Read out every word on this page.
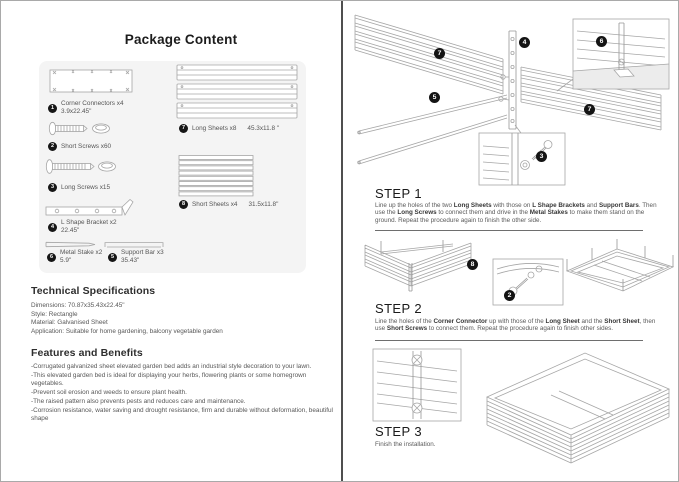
Package Content
1
Corner Connectors x4
3.9x22.45"
2	Short Screws x60
3	Long Screws x15
4
L Shape Bracket x2
22.45"
6
Metal Stake x2
5.9"
5
Support Bar x3
35.43"
7	Long Sheets x8 45.3x11.8 "
8	Short Sheets x4 31.5x11.8"
Technical Specifications

Dimensions: 70.87x35.43x22.45"

Style: Rectangle

Material: Galvanised Sheet

Application: Suitable for home gardening, balcony vegetable garden

Features and Benefits

-Corrugated galvanized sheet elevated garden bed adds an industrial style decoration to your lawn.

-This elevated garden bed is ideal for displaying your herbs, flowering plants or some homegrown vegetables.

-Prevent soil erosion and weeds to ensure plant health.

-The raised pattern also prevents pests and reduces care and maintenance.

-Corrosion resistance, water saving and drought resistance, firm and durable without deformation, beautiful shape

7
4	6
5
3
7
STEP 1

Line up the holes of the two Long Sheets with those on L Shape Brackets and Support Bars. Then use the Long Screws to connect them and drive in the Metal Stakes to make them stand on the ground. Repeat the procedure again to finish the other side.

8
2
STEP 2

Line the holes of the Corner Connector up with those of the Long Sheet and the Short Sheet, then use Short Screws to connect them. Repeat the procedure again to finish other sides.

STEP 3

Finish the installation.
